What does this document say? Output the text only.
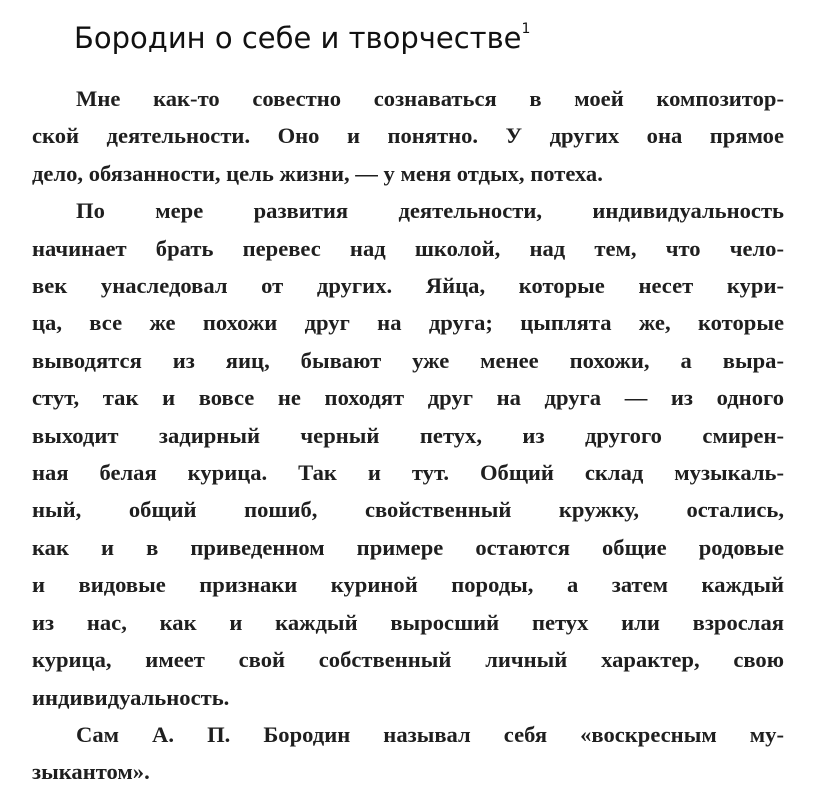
Бородин о себе и творчестве$^1$

Мне как-то совестно сознаваться в моей композитор-
ской деятельности. Оно и понятно. У других она прямое
дело, обязанности, цель жизни, — у меня отдых, потеха.

По мере развития деятельности, индивидуальность
начинает брать перевес над школой, над тем, что чело-
век унаследовал от других. Яйца, которые несет кури-
ца, все же похожи друг на друга; цыплята же, которые
выводятся из яиц, бывают уже менее похожи, а выра-
стут, так и вовсе не походят друг на друга — из одного
выходит задирный черный петух, из другого смирен-
ная белая курица. Так и тут. Общий склад музыкаль-
ный, общий пошиб, свойственный кружку, остались,
как и в приведенном примере остаются общие родовые
и видовые признаки куриной породы, а затем каждый
из нас, как и каждый выросший петух или взрослая
курица, имеет свой собственный личный характер, свою
индивидуальность.

Сам А. П. Бородин называл себя «воскресным му-
зыкантом».
